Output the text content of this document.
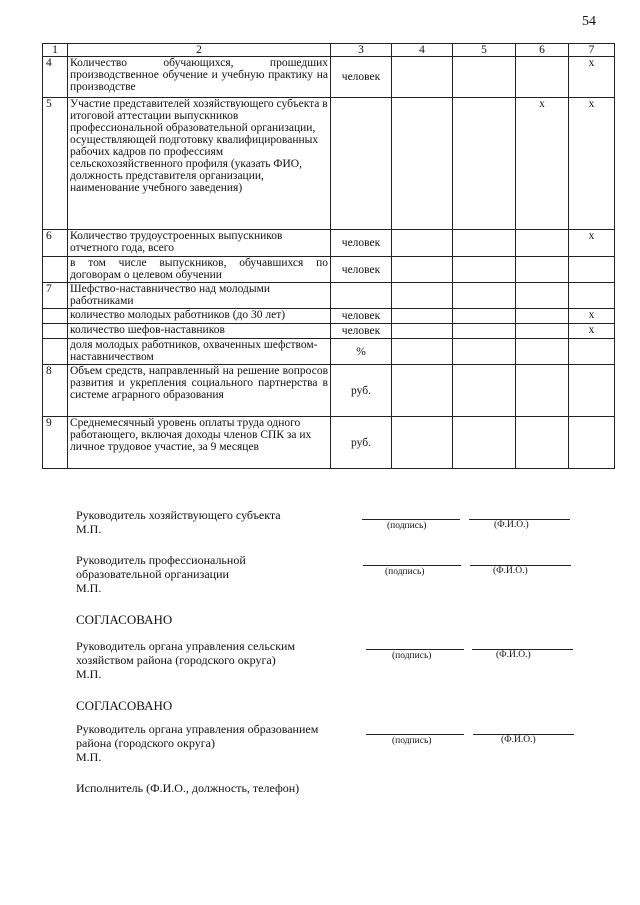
54
1	2	3	4	5	6	7
4	Количество обучающихся, прошедших производственное обучение и учебную практику на производстве	человек				х
5	Участие представителей хозяйствующего субъекта в итоговой аттестации выпускников профессиональной образовательной организации, осуществляющей подготовку квалифицированных рабочих кадров по профессиям сельскохозяйственного профиля (указать ФИО, должность представителя организации, наименование учебного заведения)				х	х
6	Количество трудоустроенных выпускников отчетного года, всего	человек				х
	в том числе выпускников, обучавшихся по договорам о целевом обучении	человек				
7	Шефство-наставничество над молодыми работниками					
	количество молодых работников (до 30 лет)	человек				х
	количество шефов-наставников	человек				х
	доля молодых работников, охваченных шефством-наставничеством	%				
8	Объем средств, направленный на решение вопросов развития и укрепления социального партнерства в системе аграрного образования	руб.				
9	Среднемесячный уровень оплаты труда одного работающего, включая доходы членов СПК за их личное трудовое участие, за 9 месяцев	руб.				
Руководитель хозяйствующего субъекта
М.П.	(подпись)	(Ф.И.О.)
Руководитель профессиональной
образовательной организации
М.П.
(подпись)	(Ф.И.О.)
СОГЛАСОВАНО
Руководитель органа управления сельским
хозяйством района (городского округа)
М.П.
(подпись)	(Ф.И.О.)
СОГЛАСОВАНО
Руководитель органа управления образованием
района (городского округа)
М.П.
(подпись)	(Ф.И.О.)
Исполнитель (Ф.И.О., должность, телефон)
